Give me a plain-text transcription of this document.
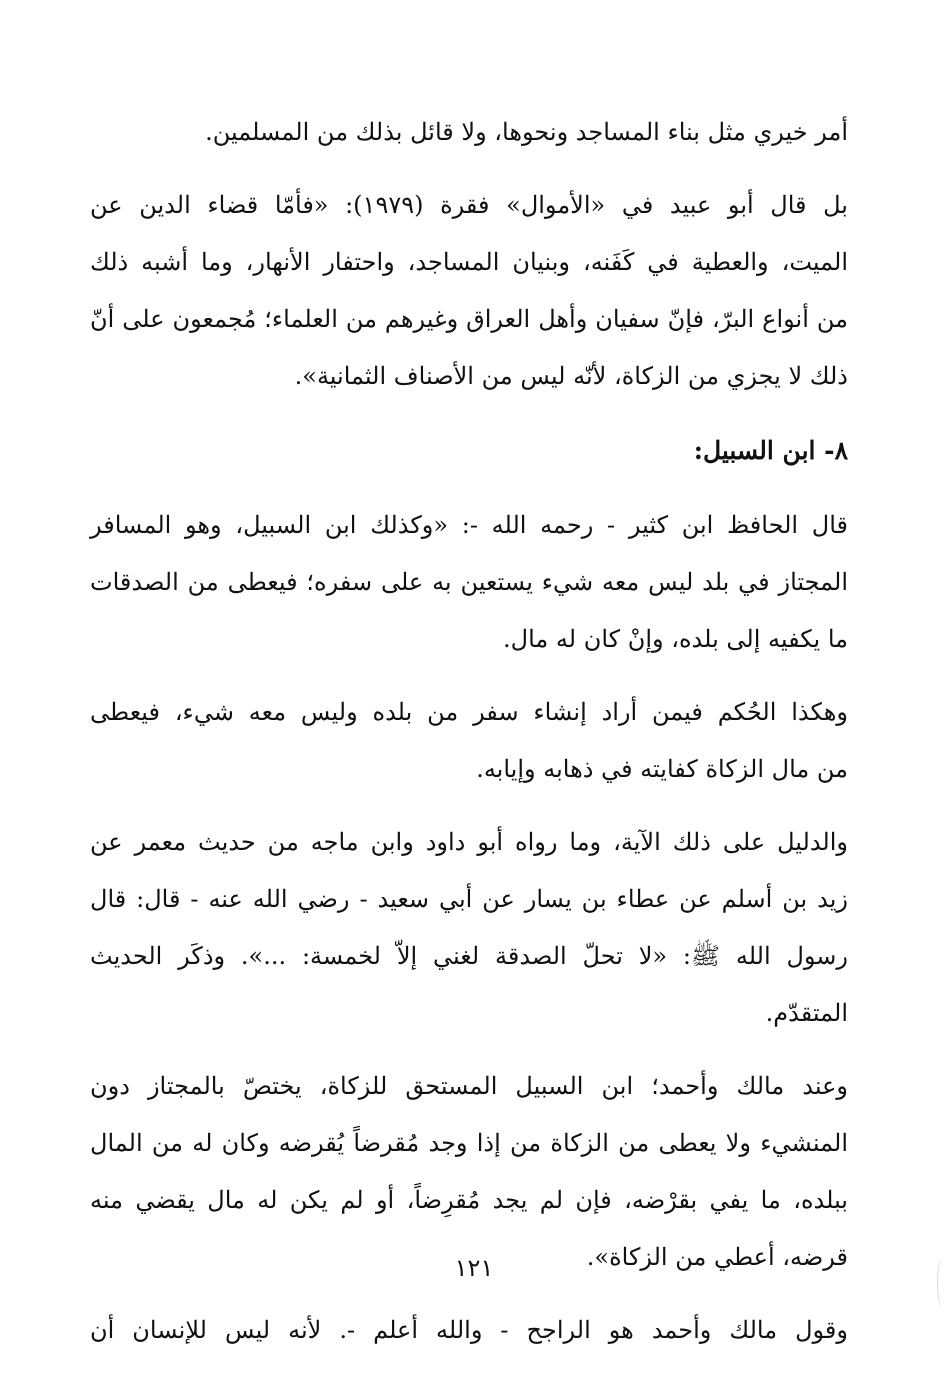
أمر خيري مثل بناء المساجد ونحوها، ولا قائل بذلك من المسلمين.
بل قال أبو عبيد في «الأموال» فقرة (١٩٧٩): «فأمّا قضاء الدين عن
الميت، والعطية في كَفَنه، وبنيان المساجد، واحتفار الأنهار، وما أشبه ذلك
من أنواع البرّ، فإنّ سفيان وأهل العراق وغيرهم من العلماء؛ مُجمعون على أنّ
ذلك لا يجزي من الزكاة، لأنّه ليس من الأصناف الثمانية».
٨- ابن السبيل:
قال الحافظ ابن كثير - رحمه الله -: «وكذلك ابن السبيل، وهو المسافر
المجتاز في بلد ليس معه شيء يستعين به على سفره؛ فيعطى من الصدقات
ما يكفيه إلى بلده، وإنْ كان له مال.
وهكذا الحُكم فيمن أراد إنشاء سفر من بلده وليس معه شيء، فيعطى
من مال الزكاة كفايته في ذهابه وإيابه.
والدليل على ذلك الآية، وما رواه أبو داود وابن ماجه من حديث معمر عن
زيد بن أسلم عن عطاء بن يسار عن أبي سعيد - رضي الله عنه - قال: قال
رسول الله ﷺ: «لا تحلّ الصدقة لغني إلاّ لخمسة: ...». وذكَر الحديث
المتقدّم.
وعند مالك وأحمد؛ ابن السبيل المستحق للزكاة، يختصّ بالمجتاز دون
المنشيء ولا يعطى من الزكاة من إذا وجد مُقرضاً يُقرضه وكان له من المال
ببلده، ما يفي بقرْضه، فإن لم يجد مُقرِضاً، أو لم يكن له مال يقضي منه
قرضه، أعطي من الزكاة».
وقول مالك وأحمد هو الراجح - والله أعلم -. لأنه ليس للإنسان أن
١٢١
